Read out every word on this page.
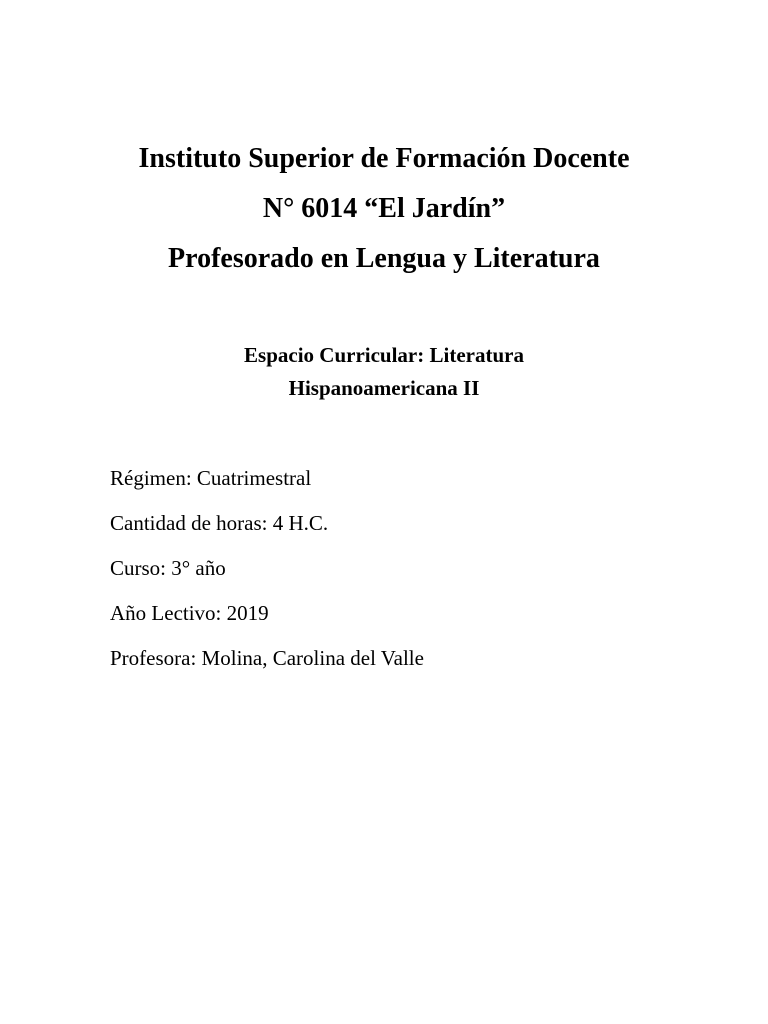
Instituto Superior de Formación Docente

N° 6014 “El Jardín”

Profesorado en Lengua y Literatura

Espacio Curricular: Literatura

Hispanoamericana II

Régimen: Cuatrimestral

Cantidad de horas: 4 H.C.

Curso: 3° año

Año Lectivo: 2019

Profesora: Molina, Carolina del Valle
